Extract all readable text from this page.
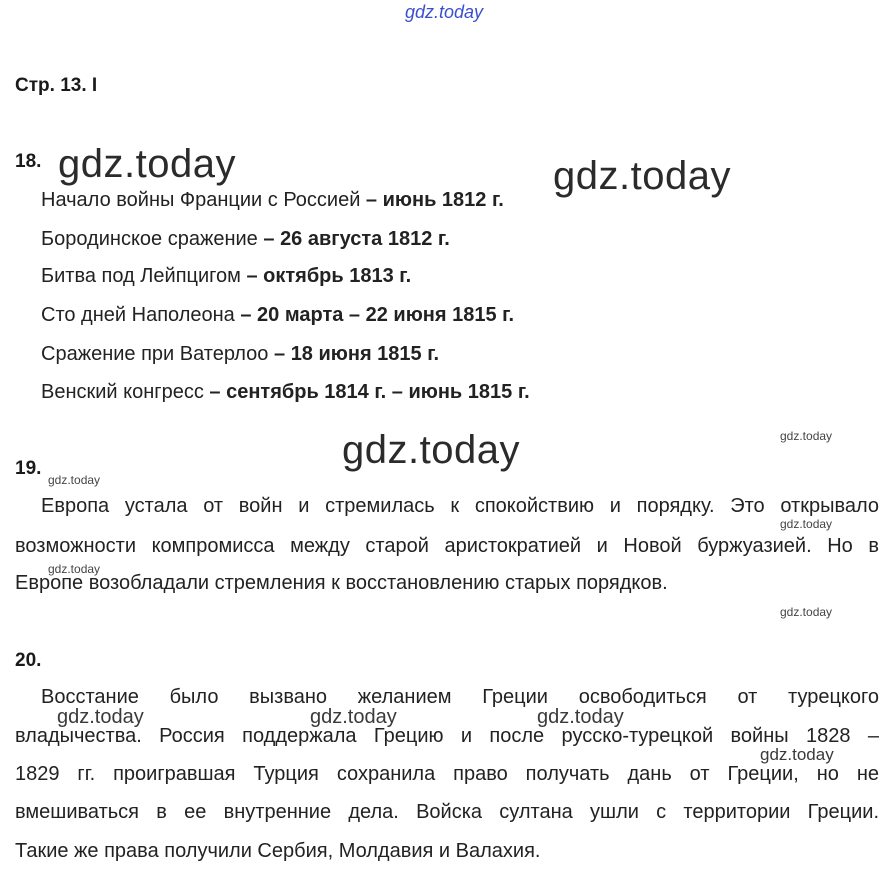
gdz.today
Стр. 13. I
18.
Начало войны Франции с Россией – июнь 1812 г.
Бородинское сражение – 26 августа 1812 г.
Битва под Лейпцигом – октябрь 1813 г.
Сто дней Наполеона – 20 марта – 22 июня 1815 г.
Сражение при Ватерлоо – 18 июня 1815 г.
Венский конгресс – сентябрь 1814 г. – июнь 1815 г.
19.
Европа устала от войн и стремилась к спокойствию и порядку. Это открывало
возможности компромисса между старой аристократией и Новой буржуазией. Но в
Европе возобладали стремления к восстановлению старых порядков.
20.
Восстание было вызвано желанием Греции освободиться от турецкого
владычества. Россия поддержала Грецию и после русско-турецкой войны 1828 –
1829 гг. проигравшая Турция сохранила право получать дань от Греции, но не
вмешиваться в ее внутренние дела. Войска султана ушли с территории Греции.
Такие же права получили Сербия, Молдавия и Валахия.
gdz.today	gdz.today
gdz.today	gdz.today
gdz.today
gdz.today
gdz.today
gdz.today
gdz.today	gdz.today	gdz.today
gdz.today
